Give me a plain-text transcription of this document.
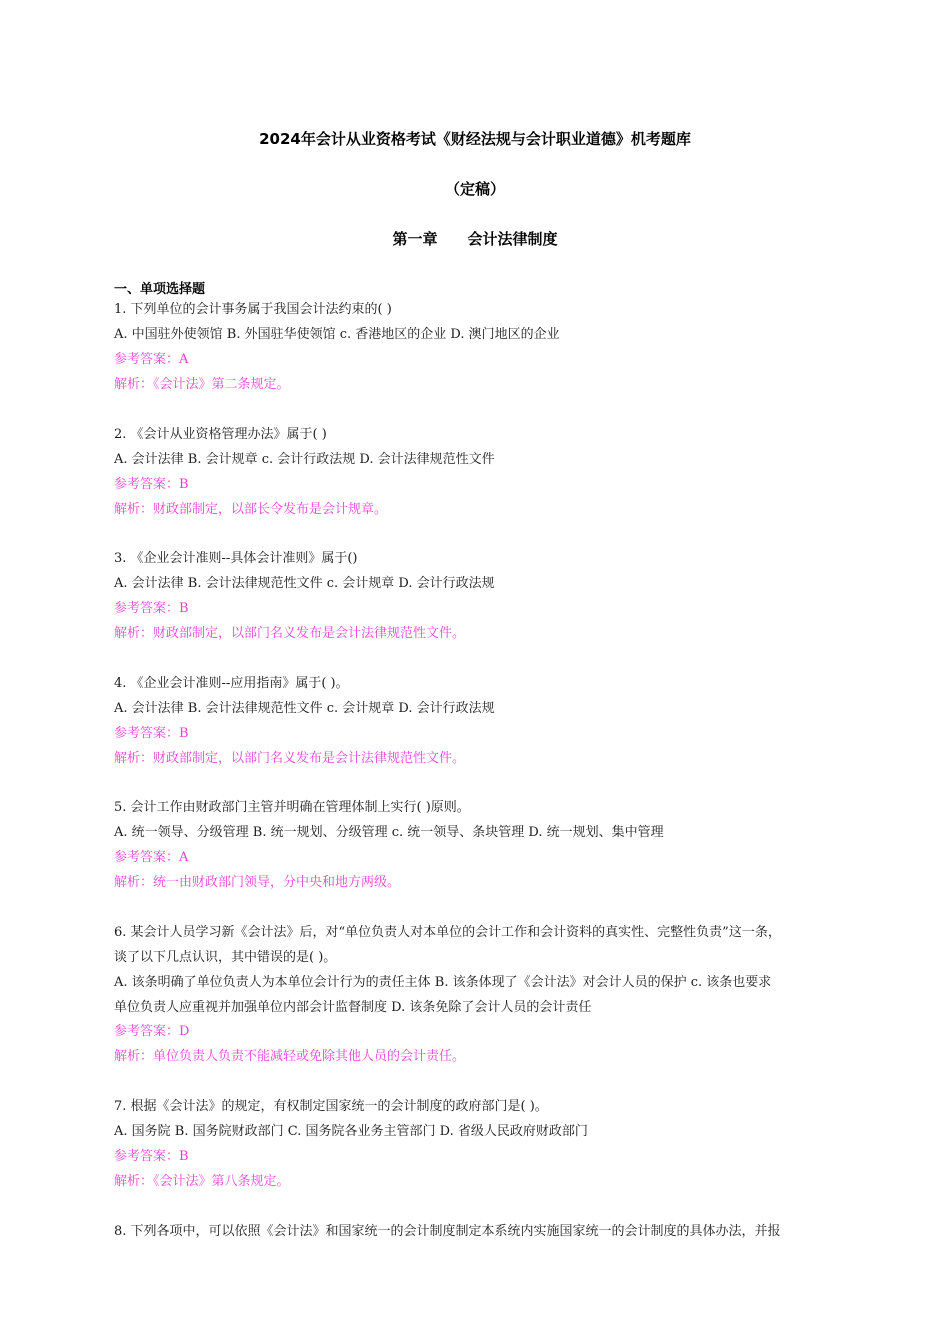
2024年会计从业资格考试《财经法规与会计职业道德》机考题库
（定稿）
第一章 会计法律制度
一、单项选择题
1. 下列单位的会计事务属于我国会计法约束的( )
A. 中国驻外使领馆 B. 外国驻华使领馆 c. 香港地区的企业 D. 澳门地区的企业
参考答案：A
解析：《会计法》第二条规定。
2. 《会计从业资格管理办法》属于( )
A. 会计法律 B. 会计规章 c. 会计行政法规 D. 会计法律规范性文件
参考答案：B
解析：财政部制定，以部长令发布是会计规章。
3. 《企业会计准则--具体会计准则》属于()
A. 会计法律 B. 会计法律规范性文件 c. 会计规章 D. 会计行政法规
参考答案：B
解析：财政部制定，以部门名义发布是会计法律规范性文件。
4. 《企业会计准则--应用指南》属于( )。
A. 会计法律 B. 会计法律规范性文件 c. 会计规章 D. 会计行政法规
参考答案：B
解析：财政部制定，以部门名义发布是会计法律规范性文件。
5. 会计工作由财政部门主管并明确在管理体制上实行( )原则。
A. 统一领导、分级管理 B. 统一规划、分级管理 c. 统一领导、条块管理 D. 统一规划、集中管理
参考答案：A
解析：统一由财政部门领导，分中央和地方两级。
6. 某会计人员学习新《会计法》后，对“单位负责人对本单位的会计工作和会计资料的真实性、完整性负责”这一条，
谈了以下几点认识，其中错误的是( )。
A. 该条明确了单位负责人为本单位会计行为的责任主体 B. 该条体现了《会计法》对会计人员的保护 c. 该条也要求
单位负责人应重视并加强单位内部会计监督制度 D. 该条免除了会计人员的会计责任
参考答案：D
解析：单位负责人负责不能减轻或免除其他人员的会计责任。
7. 根据《会计法》的规定，有权制定国家统一的会计制度的政府部门是( )。
A. 国务院 B. 国务院财政部门 C. 国务院各业务主管部门 D. 省级人民政府财政部门
参考答案：B
解析：《会计法》第八条规定。
8. 下列各项中，可以依照《会计法》和国家统一的会计制度制定本系统内实施国家统一的会计制度的具体办法，并报
